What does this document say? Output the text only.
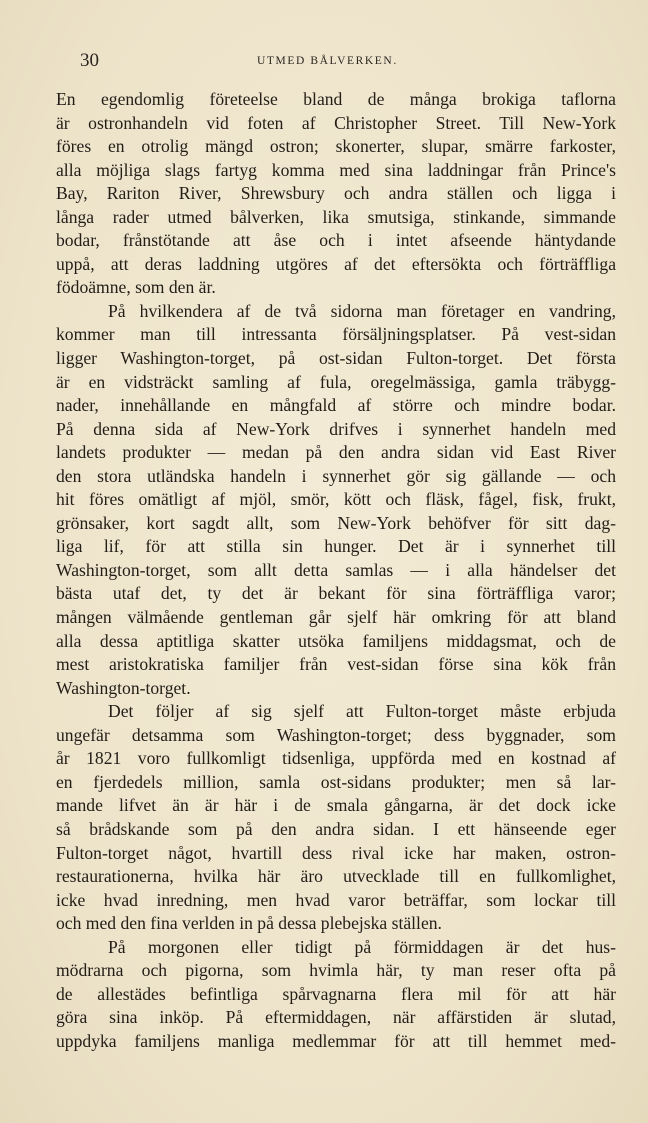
30	UTMED BÅLVERKEN.
En egendomlig företeelse bland de många brokiga taflorna
är ostronhandeln vid foten af Christopher Street. Till New-York
föres en otrolig mängd ostron; skonerter, slupar, smärre farkoster,
alla möjliga slags fartyg komma med sina laddningar från Prince's
Bay, Rariton River, Shrewsbury och andra ställen och ligga i
långa rader utmed bålverken, lika smutsiga, stinkande, simmande
bodar, frånstötande att åse och i intet afseende häntydande
uppå, att deras laddning utgöres af det eftersökta och förträffliga
födoämne, som den är.
På hvilkendera af de två sidorna man företager en vandring,
kommer man till intressanta försäljningsplatser. På vest-sidan
ligger Washington-torget, på ost-sidan Fulton-torget. Det första
är en vidsträckt samling af fula, oregelmässiga, gamla träbygg-
nader, innehållande en mångfald af större och mindre bodar.
På denna sida af New-York drifves i synnerhet handeln med
landets produkter — medan på den andra sidan vid East River
den stora utländska handeln i synnerhet gör sig gällande — och
hit föres omätligt af mjöl, smör, kött och fläsk, fågel, fisk, frukt,
grönsaker, kort sagdt allt, som New-York behöfver för sitt dag-
liga lif, för att stilla sin hunger. Det är i synnerhet till
Washington-torget, som allt detta samlas — i alla händelser det
bästa utaf det, ty det är bekant för sina förträffliga varor;
mången välmående gentleman går sjelf här omkring för att bland
alla dessa aptitliga skatter utsöka familjens middagsmat, och de
mest aristokratiska familjer från vest-sidan förse sina kök från
Washington-torget.
Det följer af sig sjelf att Fulton-torget måste erbjuda
ungefär detsamma som Washington-torget; dess byggnader, som
år 1821 voro fullkomligt tidsenliga, uppförda med en kostnad af
en fjerdedels million, samla ost-sidans produkter; men så lar-
mande lifvet än är här i de smala gångarna, är det dock icke
så brådskande som på den andra sidan. I ett hänseende eger
Fulton-torget något, hvartill dess rival icke har maken, ostron-
restaurationerna, hvilka här äro utvecklade till en fullkomlighet,
icke hvad inredning, men hvad varor beträffar, som lockar till
och med den fina verlden in på dessa plebejska ställen.
På morgonen eller tidigt på förmiddagen är det hus-
mödrarna och pigorna, som hvimla här, ty man reser ofta på
de allestädes befintliga spårvagnarna flera mil för att här
göra sina inköp. På eftermiddagen, när affärstiden är slutad,
uppdyka familjens manliga medlemmar för att till hemmet med-
